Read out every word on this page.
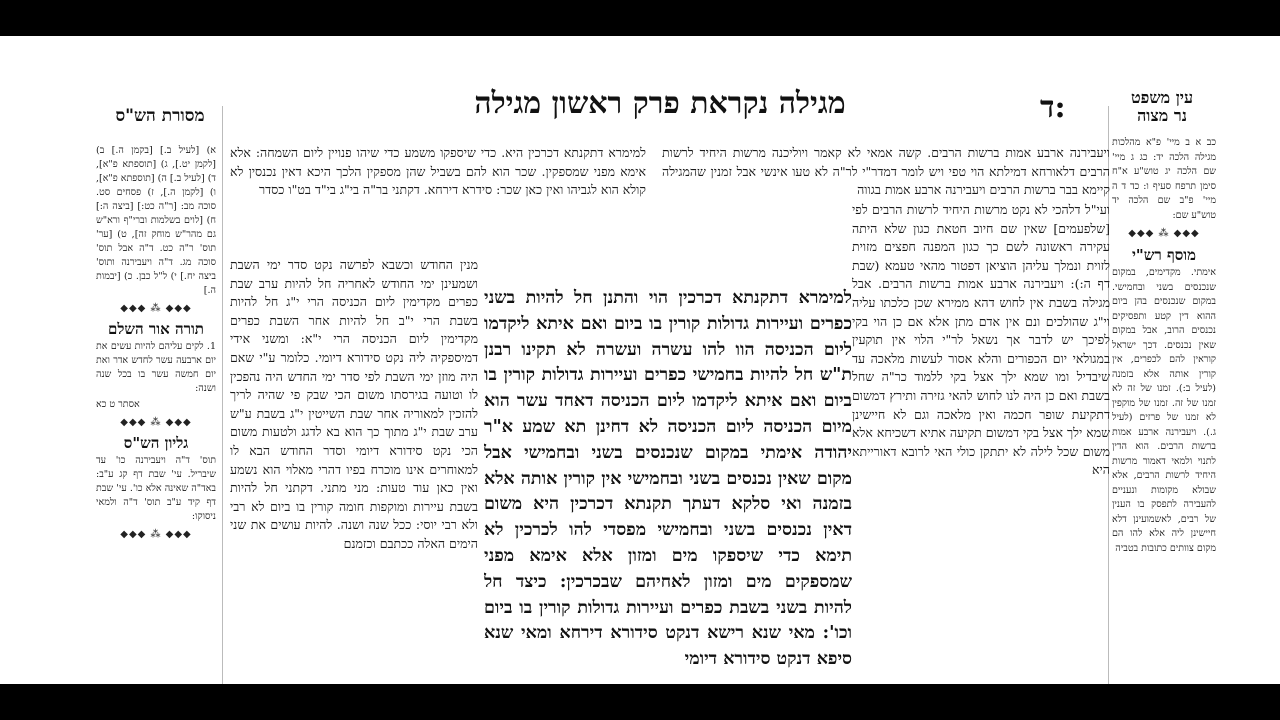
מגילה נקראת פרק ראשון מגילה	ד:	עין משפט
נר מצוה
מסורת הש"ס
כב א ב מיי' פ"א מהלכות מגילה הלכה יד: כג ג מיי' שם הלכה יג טוש"ע א"ח סימן תרפח סעיף ו: כד ד ה מיי' פ"ב שם הלכה יד טוש"ע שם:
◆◆◆ ⁂ ◆◆◆
מוסף רש"י
אימתי. מקדימים, במקום שנכנסים בשני ובחמישי. במקום שנכנסים בהן ביום ההוא דין קטע ותפסיקים נכנסים הרוב, אבל במקום שאין נכנסים. דכך ישראל קוראין להם לכפרים, אין קורין אותה אלא בזמנה (לעיל ב:). זמנו של זה לא זמנו של זה. זמנו של מוקפין לא זמנו של פרזים (לעיל ג.). ויעבירנה ארבע אמות ברשות הרבים. הוא הדין לתנוי ולמאי דאמור מרשות היחיד לרשות הרבים, אלא שבולא מקומות ונעניים להעבירה לתפסק בו הענין של רבים, לאשמועינן דלא חיישינן ליה אלא להו הם מקום צוותים כתובות בטביה
ויעבירנה ארבע אמות ברשות הרבים. קשה אמאי לא קאמר ויוליכנה מרשות היחיד לרשות הרבים דלאורחא דמילתא הוי טפי ויש לומר דמדר"י לר"ה לא טעו אינשי אבל זמנין שהמגילה קיימא בבר ברשות הרבים ויעבירנה ארבע אמות בגווה
ועי"ל דלהכי לא נקט מרשות היחיד לרשות הרבים לפי [שלפעמים] שאין שם חיוב חטאת כגון שלא היתה עקירה ראשונה לשם כך כגון המפנה חפצים מזוית לזוית ונמלך עליהן הוציאן דפטור מהאי טעמא (שבת דף ה:): ויעבירנה ארבע אמות ברשות הרבים. אבל מגילה בשבת אין לחוש דהא ממירא שכן כלכתו עליה וי"ג שהולכים ונם אין אדם מתן אלא אם כן הוי בקי לפיכך יש לדבר אך נשאל לר"י הלוי אין תוקעין במגולאי יום הכפורים והלא אסור לעשות מלאכה עד שיבדיל ומו שמא ילך אצל בקי ללמוד כר"ה שחל בשבת ואם כן היה לנו לחוש להאי גזירה ותירץ דמשום דתקיעת שופר חכמה ואין מלאכה וגם לא חיישינן שמא ילך אצל בקי דמשום תקיעה אתיא דשכיחא אלא משום שכל לילה לא יתתקן כולי האי לרובא דאורייתא היא
למימרא דתקנתא דכרכין הוי והתנן חל להיות בשני כפרים ועיירות גדולות קורין בו ביום ואם איתא ליקדמו ליום הכניסה הוו להו עשרה ועשרה לא תקינו רבנן ת"ש חל להיות בחמישי כפרים ועיירות גדולות קורין בו ביום ואם איתא ליקדמו ליום הכניסה דאחד עשר הוא מיום הכניסה ליום הכניסה לא דחינן תא שמע א"ר יהודה אימתי במקום שנכנסים בשני ובחמישי אבל מקום שאין נכנסים בשני ובחמישי אין קורין אותה אלא בזמנה ואי סלקא דעתך תקנתא דכרכין היא משום דאין נכנסים בשני ובחמישי מפסדי להו לכרכין לא תימא כדי שיספקו מים ומזון אלא אימא מפני שמספקים מים ומזון לאחיהם שבכרכין: כיצד חל להיות בשני בשבת כפרים ועיירות גדולות קורין בו ביום וכו': מאי שנא רישא דנקט סידורא דירחא ומאי שנא סיפא דנקט סידורא דיומי
למימרא דתקנתא דכרכין היא. כדי שיספקו משמע כדי שיהו פנויין ליום השמחה: אלא אימא מפני שמספקין. שכר הוא להם בשביל שהן מספקין הלכך היכא דאין נכנסין לא קולא הוא לגביהו ואין כאן שכר: סידרא דירחא. דקתני בר"ה בי"ג בי"ד בט"ו כסדר
מנין החודש וכשבא לפרשה נקט סדר ימי השבת ושמעינן ימי החודש לאחריה חל להיות ערב שבת כפרים מקדימין ליום הכניסה הרי י"ג חל להיות בשבת הרי י"ב חל להיות אחר השבת כפרים מקדימין ליום הכניסה הרי י"א: ומשני אידי דמיספקיה ליה נקט סידורא דיומי. כלומר ע"י שאם היה מוזן ימי השבת לפי סדר ימי החדש היה נהפכין לו וטועה בגירסתו משום הכי שבק פי שהיה לריך להזכין למאוריה אחר שבת השייטין י"ג בשבת ע"ש ערב שבת י"ג מתוך כך הוא בא לדגג ולטעות משום הכי נקט סידורא דיומי וסדר החודש הבא לו למאוחרים אינו מוכרח בפיו דהרי מאלוי הוא נשמע ואין כאן עוד טעות: מני מתני. דקתני חל להיות בשבת עיירות ומוקפות חומה קורין בו ביום לא רבי ולא רבי יוסי: ככל שנה ושנה. להיות עושים את שני הימים האלה ככתבם וכזמנם
א) [לעיל ב.] [בקמן ה.] ב) [לקמן יט.], ג) [תוספתא פ"א], ד) [לעיל ב.] ה) [תוספתא פ"א], ו) [לקמן ה.], ז) פסחים סט. סוכה מב: [ר"ה כט:] [ביצה ה:] ח) [לוים בשלמות וברי"ף ורא"ש גם מהר"ש מוחק זה], ט) [ער' תוס' ר"ה כט. ד"ה אבל תוס' סוכה מג. ד"ה ויעבירנה ותוס' ביצה יח.] י) ל"ל כבן. כ) [יבמות ה.]
◆◆◆ ⁂ ◆◆◆
תורה אור השלם
1. לקים עליהם להיות עשים את יום ארבעה עשר לחדש אדר ואת יום חמשה עשר בו בכל שנה ושנה:
אסתר ט כא
◆◆◆ ⁂ ◆◆◆
גליון הש"ס
תוס' ד"ה ויעבירנה כו' עד שיבריל. עי' שבת דף קג ע"ב: באד"ה שאינה אלא כו'. עי' שבת דף קיד ע"ב תוס' ד"ה ולמאי ניסוקו:
◆◆◆ ⁂ ◆◆◆
